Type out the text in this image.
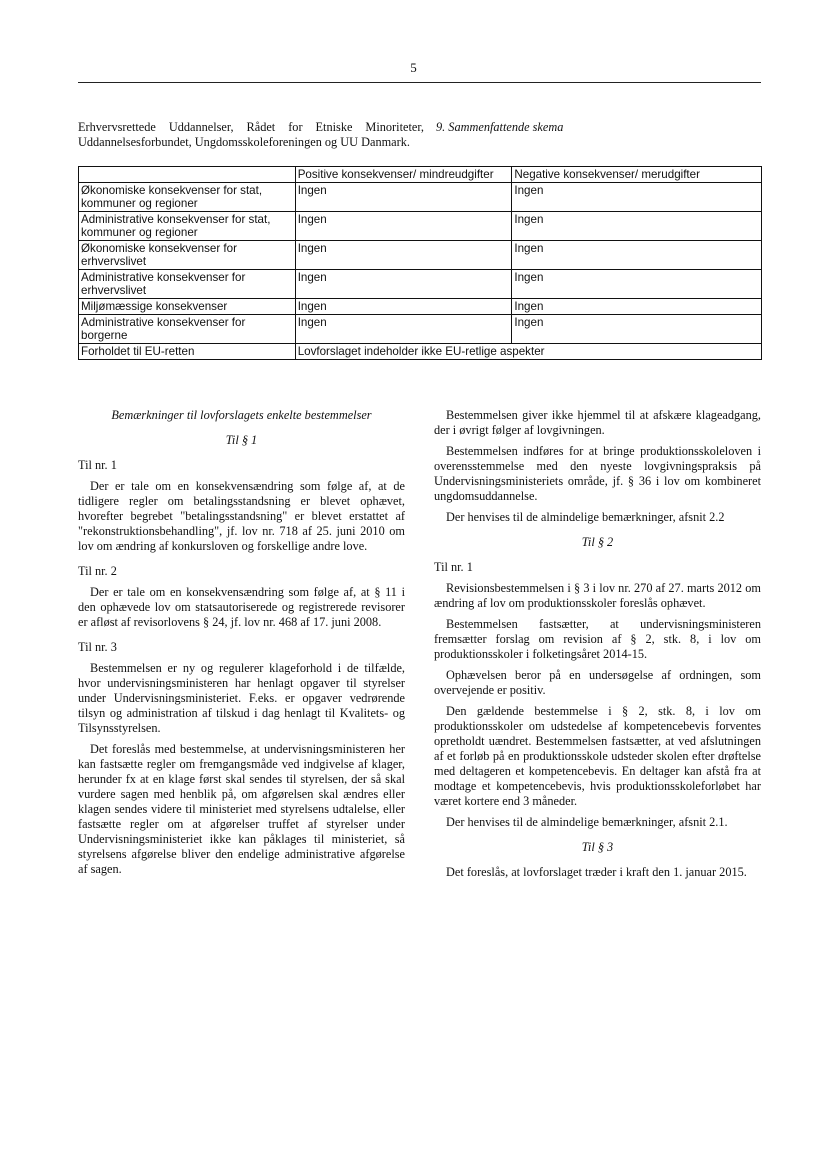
5
Erhvervsrettede Uddannelser, Rådet for Etniske Minoriteter, Uddannelsesforbundet, Ungdomsskoleforeningen og UU Danmark.
9. Sammenfattende skema
	Positive konsekvenser/ mindreudgifter	Negative konsekvenser/ merudgifter
Økonomiske konsekvenser for stat, kommuner og regioner	Ingen	Ingen
Administrative konsekvenser for stat, kommuner og regioner	Ingen	Ingen
Økonomiske konsekvenser for erhvervslivet	Ingen	Ingen
Administrative konsekvenser for erhvervslivet	Ingen	Ingen
Miljømæssige konsekvenser	Ingen	Ingen
Administrative konsekvenser for borgerne	Ingen	Ingen
Forholdet til EU-retten	Lovforslaget indeholder ikke EU-retlige aspekter	

Bemærkninger til lovforslagets enkelte bestemmelser

Til § 1

Til nr. 1

Der er tale om en konsekvensændring som følge af, at de tidligere regler om betalingsstandsning er blevet ophævet, hvorefter begrebet "betalingsstandsning" er blevet erstattet af "rekonstruktionsbehandling", jf. lov nr. 718 af 25. juni 2010 om lov om ændring af konkursloven og forskellige andre love.

Til nr. 2

Der er tale om en konsekvensændring som følge af, at § 11 i den ophævede lov om statsautoriserede og registrerede revisorer er afløst af revisorlovens § 24, jf. lov nr. 468 af 17. juni 2008.

Til nr. 3

Bestemmelsen er ny og regulerer klageforhold i de tilfælde, hvor undervisningsministeren har henlagt opgaver til styrelser under Undervisningsministeriet. F.eks. er opgaver vedrørende tilsyn og administration af tilskud i dag henlagt til Kvalitets- og Tilsynsstyrelsen.

Det foreslås med bestemmelse, at undervisningsministeren her kan fastsætte regler om fremgangsmåde ved indgivelse af klager, herunder fx at en klage først skal sendes til styrelsen, der så skal vurdere sagen med henblik på, om afgørelsen skal ændres eller klagen sendes videre til ministeriet med styrelsens udtalelse, eller fastsætte regler om at afgørelser truffet af styrelser under Undervisningsministeriet ikke kan påklages til ministeriet, så styrelsens afgørelse bliver den endelige administrative afgørelse af sagen.

Bestemmelsen giver ikke hjemmel til at afskære klageadgang, der i øvrigt følger af lovgivningen.

Bestemmelsen indføres for at bringe produktionsskoleloven i overensstemmelse med den nyeste lovgivningspraksis på Undervisningsministeriets område, jf. § 36 i lov om kombineret ungdomsuddannelse.

Der henvises til de almindelige bemærkninger, afsnit 2.2

Til § 2

Til nr. 1

Revisionsbestemmelsen i § 3 i lov nr. 270 af 27. marts 2012 om ændring af lov om produktionsskoler foreslås ophævet.

Bestemmelsen fastsætter, at undervisningsministeren fremsætter forslag om revision af § 2, stk. 8, i lov om produktionsskoler i folketingsåret 2014-15.

Ophævelsen beror på en undersøgelse af ordningen, som overvejende er positiv.

Den gældende bestemmelse i § 2, stk. 8, i lov om produktionsskoler om udstedelse af kompetencebevis forventes opretholdt uændret. Bestemmelsen fastsætter, at ved afslutningen af et forløb på en produktionsskole udsteder skolen efter drøftelse med deltageren et kompetencebevis. En deltager kan afstå fra at modtage et kompetencebevis, hvis produktionsskoleforløbet har været kortere end 3 måneder.

Der henvises til de almindelige bemærkninger, afsnit 2.1.

Til § 3

Det foreslås, at lovforslaget træder i kraft den 1. januar 2015.
